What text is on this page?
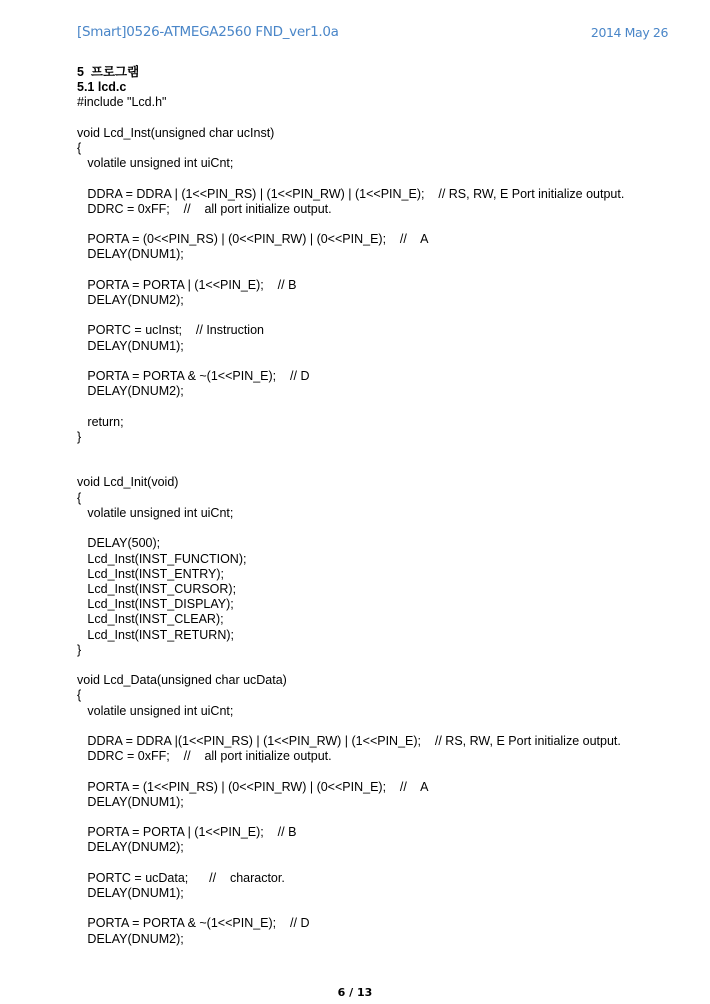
[Smart]0526-ATMEGA2560 FND_ver1.0a	2014 May 26
5  프로그램
5.1 lcd.c
#include "Lcd.h"

void Lcd_Inst(unsigned char ucInst)
{
volatile unsigned int uiCnt;

DDRA = DDRA | (1<<PIN_RS) | (1<<PIN_RW) | (1<<PIN_E);    // RS, RW, E Port initialize output.
DDRC = 0xFF;    //    all port initialize output.

PORTA = (0<<PIN_RS) | (0<<PIN_RW) | (0<<PIN_E);    //    A
DELAY(DNUM1);

PORTA = PORTA | (1<<PIN_E);    // B
DELAY(DNUM2);

PORTC = ucInst;    // Instruction
DELAY(DNUM1);

PORTA = PORTA & ~(1<<PIN_E);    // D
DELAY(DNUM2);

return;
}

void Lcd_Init(void)
{
volatile unsigned int uiCnt;

DELAY(500);
Lcd_Inst(INST_FUNCTION);
Lcd_Inst(INST_ENTRY);
Lcd_Inst(INST_CURSOR);
Lcd_Inst(INST_DISPLAY);
Lcd_Inst(INST_CLEAR);
Lcd_Inst(INST_RETURN);
}

void Lcd_Data(unsigned char ucData)
{
volatile unsigned int uiCnt;

DDRA = DDRA |(1<<PIN_RS) | (1<<PIN_RW) | (1<<PIN_E);    // RS, RW, E Port initialize output.
DDRC = 0xFF;    //    all port initialize output.

PORTA = (1<<PIN_RS) | (0<<PIN_RW) | (0<<PIN_E);    //    A
DELAY(DNUM1);

PORTA = PORTA | (1<<PIN_E);    // B
DELAY(DNUM2);

PORTC = ucData;      //    charactor.
DELAY(DNUM1);

PORTA = PORTA & ~(1<<PIN_E);    // D
DELAY(DNUM2);
6 / 13
